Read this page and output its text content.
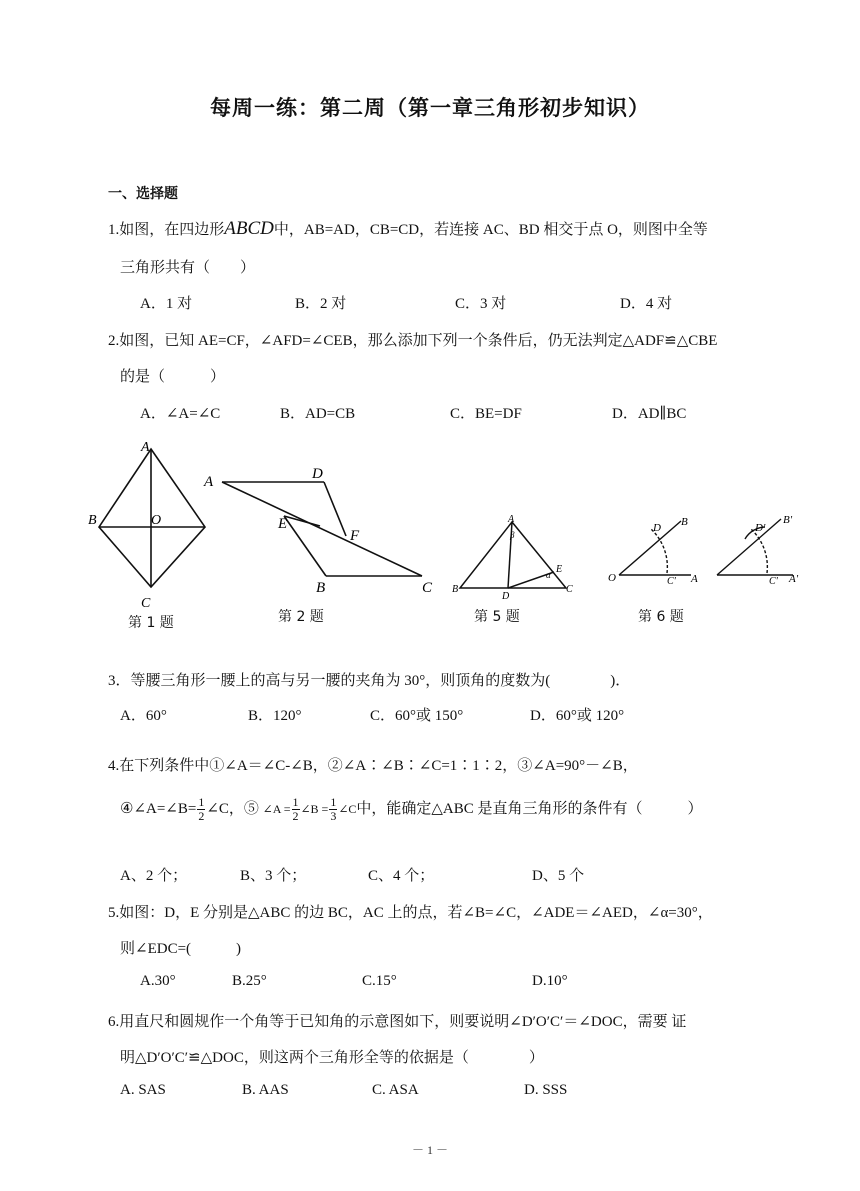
每周一练：第二周（第一章三角形初步知识）
一、选择题
1.如图，在四边形ABCD中，AB=AD，CB=CD，若连接 AC、BD 相交于点 O，则图中全等
三角形共有（　　）
A．1 对	B．2 对	C．3 对	D．4 对
2.如图，已知 AE=CF，∠AFD=∠CEB，那么添加下列一个条件后，仍无法判定△ADF≌△CBE
的是（　　　）
A．∠A=∠C	B．AD=CB	C．BE=DF	D．AD∥BC
A
B	O
C
第 1 题
A	D
E
F
B	C
第 2 题
A
B
D
C
E
β
α
第 5 题
D B
O	C' A
D'
B'
C' A'
第 6 题
3．等腰三角形一腰上的高与另一腰的夹角为 30°，则顶角的度数为(　　　　)．
A．60°	B．120°	C．60°或 150°	D．60°或 120°
4.在下列条件中①∠A＝∠C-∠B，②∠A∶∠B∶∠C=1∶1∶2，③∠A=90°－∠B，
④∠A=∠B= $\frac{1}{2}$ ∠C，⑤ ∠A = $\frac{1}{2}$ ∠B = $\frac{1}{3}$ ∠C中，能确定△ABC 是直角三角形的条件有（　　　）
A、2 个；	B、3 个；	C、4 个；	D、5 个
5.如图：D，E 分别是△ABC 的边 BC，AC 上的点，若∠B=∠C，∠ADE＝∠AED，∠α=30°，
则∠EDC=(　　　)
A.30°	B.25°	C.15°	D.10°
6.用直尺和圆规作一个角等于已知角的示意图如下，则要说明∠D′O′C′＝∠DOC，需要 证
明△D′O′C′≌△DOC，则这两个三角形全等的依据是（　　　　）
A. SAS	B. AAS	C. ASA	D. SSS
－ 1 －
